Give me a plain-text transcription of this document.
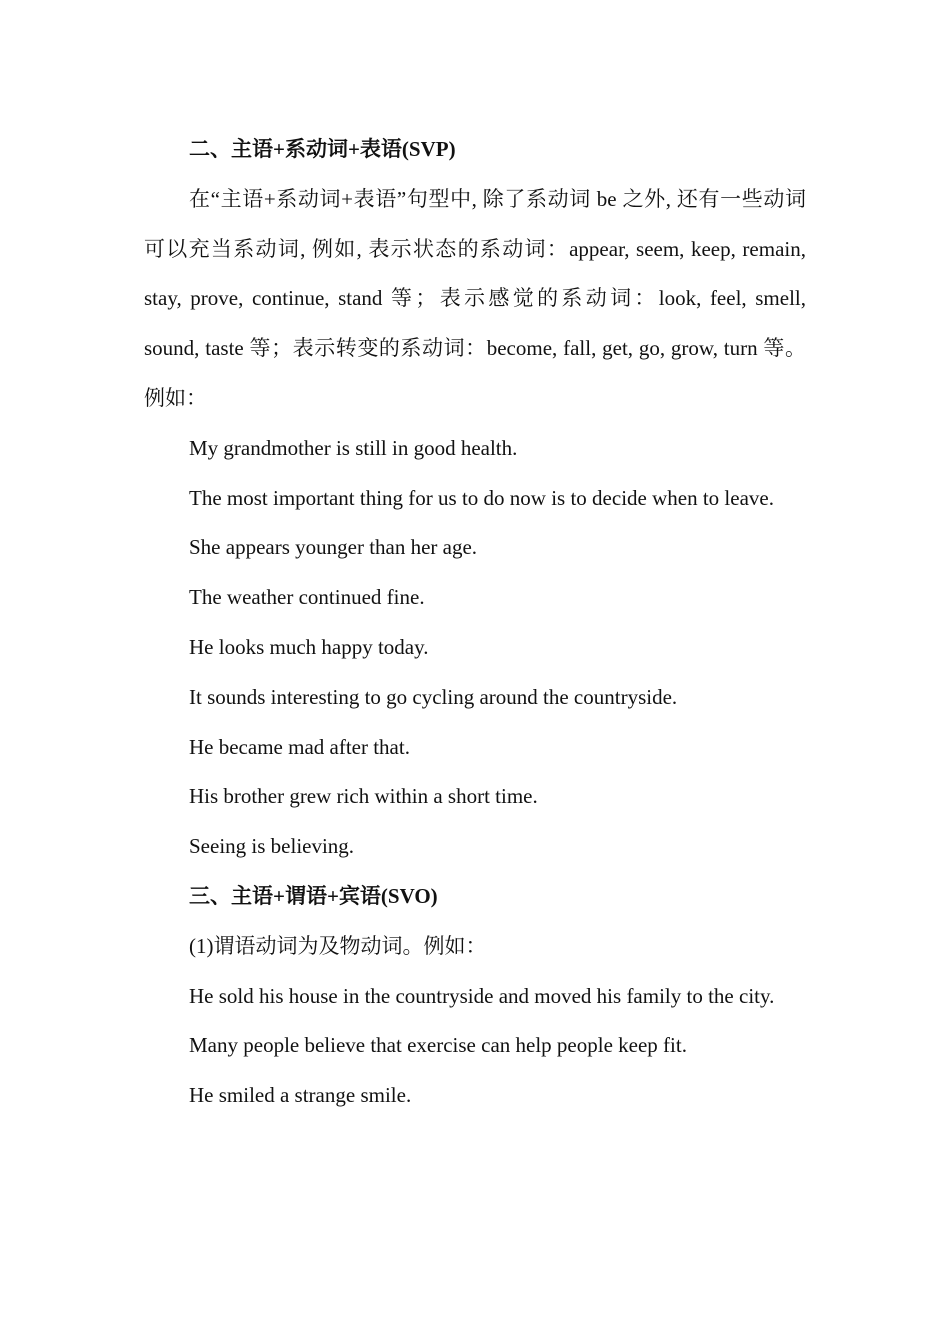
二、主语+系动词+表语(SVP)

在“主语+系动词+表语”句型中, 除了系动词 be 之外, 还有一些动词可以充当系动词, 例如, 表示状态的系动词：appear, seem, keep, remain, stay, prove, continue, stand 等；表示感觉的系动词：look, feel, smell, sound, taste 等；表示转变的系动词：become, fall, get, go, grow, turn 等。例如：

My grandmother is still in good health.

The most important thing for us to do now is to decide when to leave.

She appears younger than her age.

The weather continued fine.

He looks much happy today.

It sounds interesting to go cycling around the countryside.

He became mad after that.

His brother grew rich within a short time.

Seeing is believing.

三、主语+谓语+宾语(SVO)

(1)谓语动词为及物动词。例如：

He sold his house in the countryside and moved his family to the city.

Many people believe that exercise can help people keep fit.

He smiled a strange smile.
